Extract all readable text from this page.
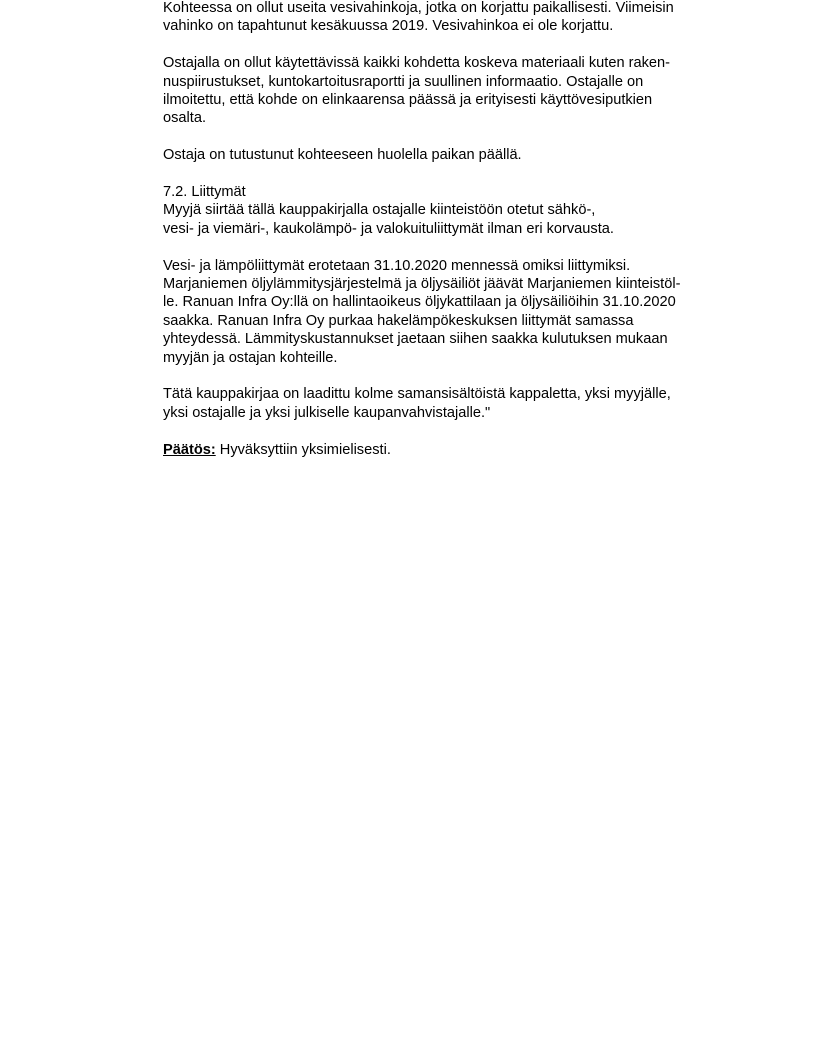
Kohteessa on ollut useita vesivahinkoja, jotka on korjattu paikallisesti. Viimeisin
vahinko on tapahtunut kesäkuussa 2019. Vesivahinkoa ei ole korjattu.

Ostajalla on ollut käytettävissä kaikki kohdetta koskeva materiaali kuten raken-
nuspiirustukset, kuntokartoitusraportti ja suullinen informaatio. Ostajalle on
ilmoitettu, että kohde on elinkaarensa päässä ja erityisesti käyttövesiputkien
osalta.

Ostaja on tutustunut kohteeseen huolella paikan päällä.

7.2. Liittymät
Myyjä siirtää tällä kauppakirjalla ostajalle kiinteistöön otetut sähkö-,
vesi- ja viemäri-, kaukolämpö- ja valokuituliittymät ilman eri korvausta.

Vesi- ja lämpöliittymät erotetaan 31.10.2020 mennessä omiksi liittymiksi.
Marjaniemen öljylämmitysjärjestelmä ja öljysäiliöt jäävät Marjaniemen kiinteistöl-
le. Ranuan Infra Oy:llä on hallintaoikeus öljykattilaan ja öljysäiliöihin 31.10.2020
saakka. Ranuan Infra Oy purkaa hakelämpökeskuksen liittymät samassa
yhteydessä. Lämmityskustannukset jaetaan siihen saakka kulutuksen mukaan
myyjän ja ostajan kohteille.

Tätä kauppakirjaa on laadittu kolme samansisältöistä kappaletta, yksi myyjälle,
yksi ostajalle ja yksi julkiselle kaupanvahvistajalle."

Päätös: Hyväksyttiin yksimielisesti.
